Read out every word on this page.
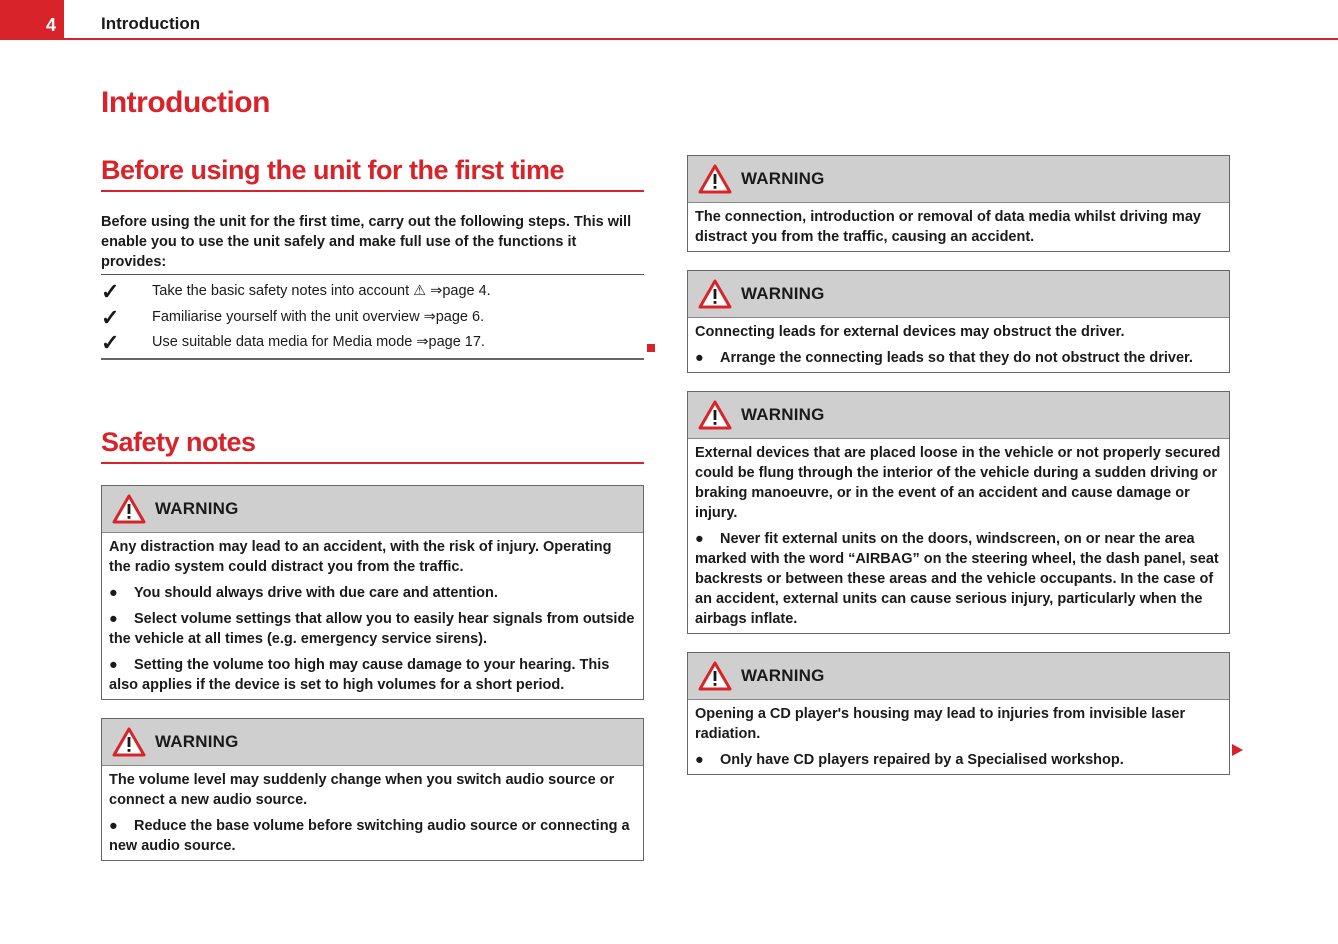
4	Introduction
Introduction
Before using the unit for the first time
Before using the unit for the first time, carry out the following steps. This will enable you to use the unit safely and make full use of the functions it provides:
✓ Take the basic safety notes into account ⚠ ⇒page 4.
✓ Familiarise yourself with the unit overview ⇒page 6.
✓ Use suitable data media for Media mode ⇒page 17.
Safety notes
WARNING

Any distraction may lead to an accident, with the risk of injury. Operating the radio system could distract you from the traffic.

● You should always drive with due care and attention.

● Select volume settings that allow you to easily hear signals from outside the vehicle at all times (e.g. emergency service sirens).

● Setting the volume too high may cause damage to your hearing. This also applies if the device is set to high volumes for a short period.

WARNING

The volume level may suddenly change when you switch audio source or connect a new audio source.

● Reduce the base volume before switching audio source or connecting a new audio source.

WARNING

The connection, introduction or removal of data media whilst driving may distract you from the traffic, causing an accident.

WARNING

Connecting leads for external devices may obstruct the driver.

● Arrange the connecting leads so that they do not obstruct the driver.

WARNING

External devices that are placed loose in the vehicle or not properly secured could be flung through the interior of the vehicle during a sudden driving or braking manoeuvre, or in the event of an accident and cause damage or injury.

● Never fit external units on the doors, windscreen, on or near the area marked with the word “AIRBAG” on the steering wheel, the dash panel, seat backrests or between these areas and the vehicle occupants. In the case of an accident, external units can cause serious injury, particularly when the airbags inflate.

WARNING

Opening a CD player's housing may lead to injuries from invisible laser radiation.

● Only have CD players repaired by a Specialised workshop.
